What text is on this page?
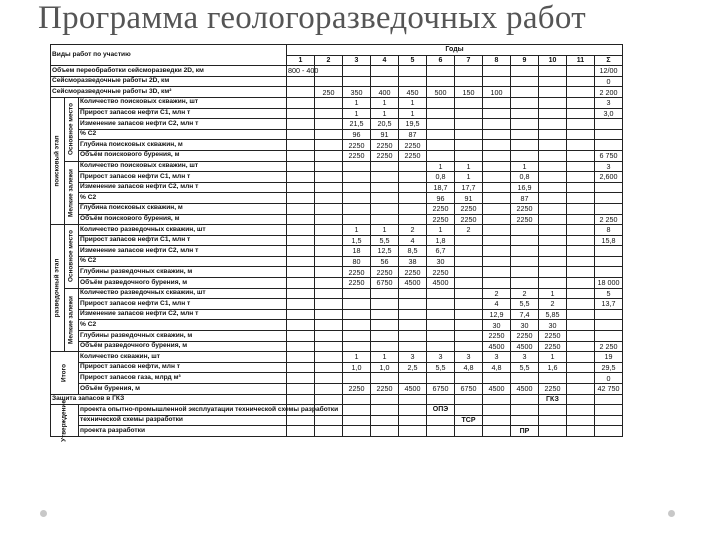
Программа геологоразведочных работ
Виды работ по участию			Годы											
			1	2	3	4	5	6	7	8	9	10	11	Σ
Объем переобработки сейсморазведки 2D, км			800 - 400											12/00
Сейсморазведочные работы 2D, км														0
Сейсморазведочные работы 3D, км²				250	350	400	450	500	150	100				2 200

поисковый этап	Основное место	Количество поисковых скважин, шт			1	1	1							3
		Прирост запасов нефти С1, млн т			1	1	1							3,0
		Изменение запасов нефти С2, млн т			21,5	20,5	19,5							
		% С2			96	91	87							
		Глубина поисковых скважин, м			2250	2250	2250							
		Объём поискового бурения, м			2250	2250	2250							6 750

	Мелкие залежи	Количество поисковых скважин, шт						1	1		1			3
		Прирост запасов нефти С1, млн т						0,8	1		0,8			2,600
		Изменение запасов нефти С2, млн т						18,7	17,7		16,9			
		% С2						96	91		87			
		Глубина поисковых скважин, м						2250	2250		2250			
		Объём поискового бурения, м						2250	2250		2250			2 250

разведочный этап	Основное место	Количество разведочных скважин, шт			1	1	2	1	2					8
		Прирост запасов нефти С1, млн т			1,5	5,5	4	1,8						15,8
		Изменение запасов нефти С2, млн т			18	12,5	8,5	6,7						
		% С2			80	56	38	30						
		Глубины разведочных скважин, м			2250	2250	2250	2250						
		Объём разведочного бурения, м			2250	6750	4500	4500						18 000

	Мелкие залежи	Количество разведочных скважин, шт								2	2	1		5
		Прирост запасов нефти С1, млн т								4	5,5	2		13,7
		Изменение запасов нефти С2, млн т								12,9	7,4	5,85		
		% С2								30	30	30		
		Глубины разведочных скважин, м								2250	2250	2250		
		Объём разведочного бурения, м								4500	4500	2250		2 250

Итого		Количество скважин, шт			1	1	3	3	3	3	3	1		19
		Прирост запасов нефти, млн т			1,0	1,0	2,5	5,5	4,8	4,8	5,5	1,6		29,5
		Прирост запасов газа, млрд м³												0
		Объём бурения, м			2250	2250	4500	6750	6750	4500	4500	2250		42 750
Защита запасов в ГКЗ												ГКЗ		

Утверждение		проекта опытно-промышленной эксплуатации технической схемы разработки						ОПЭ						
		технической схемы разработки							ТСР					
		проекта разработки									ПР			
